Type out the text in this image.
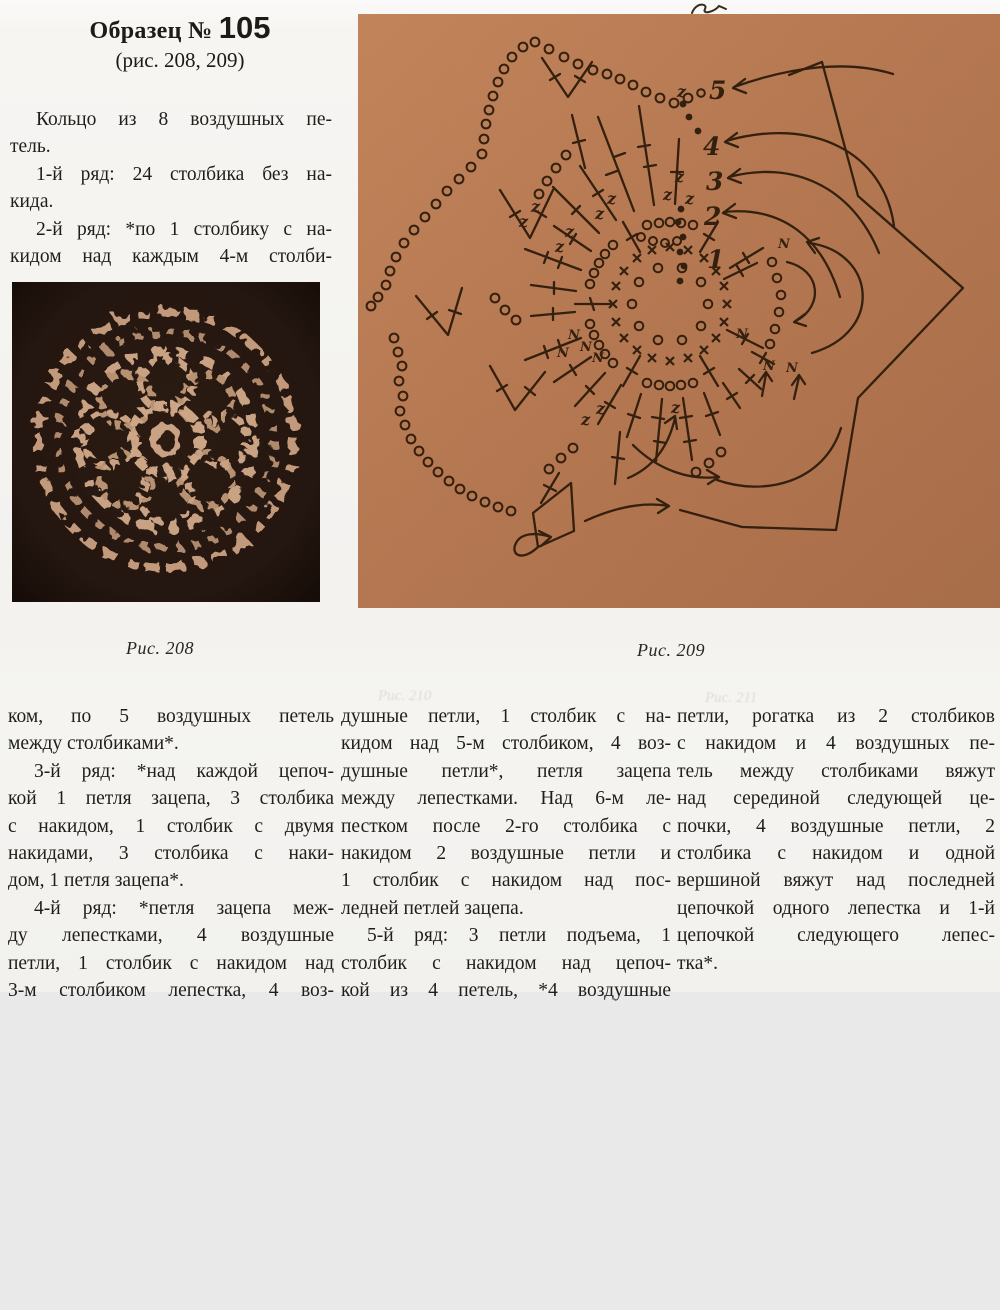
Образец № 105
(рис. 208, 209)
Кольцо из 8 воздушных пе-
тель.
1-й ряд: 24 столбика без на-
кида.
2-й ряд: *по 1 столбику с на-
кидом над каждым 4-м столби-
z
z
z z
z
z
z
z
z
z
z
z
z
N
N N
N
N
N N
N
5
4
3
2
1
Рис. 208	Рис. 209
Рис. 210	Рис. 211
ком, по 5 воздушных петель
между столбиками*.
3-й ряд: *над каждой цепоч-
кой 1 петля зацепа, 3 столбика
с накидом, 1 столбик с двумя
накидами, 3 столбика с наки-
дом, 1 петля зацепа*.
4-й ряд: *петля зацепа меж-
ду лепестками, 4 воздушные
петли, 1 столбик с накидом над
3-м столбиком лепестка, 4 воз-
душные петли, 1 столбик с на-
кидом над 5-м столбиком, 4 воз-
душные петли*, петля зацепа
между лепестками. Над 6-м ле-
пестком после 2-го столбика с
накидом 2 воздушные петли и
1 столбик с накидом над пос-
ледней петлей зацепа.
5-й ряд: 3 петли подъема, 1
столбик с накидом над цепоч-
кой из 4 петель, *4 воздушные
петли, рогатка из 2 столбиков
с накидом и 4 воздушных пе-
тель между столбиками вяжут
над серединой следующей це-
почки, 4 воздушные петли, 2
столбика с накидом и одной
вершиной вяжут над последней
цепочкой одного лепестка и 1-й
цепочкой следующего лепес-
тка*.
